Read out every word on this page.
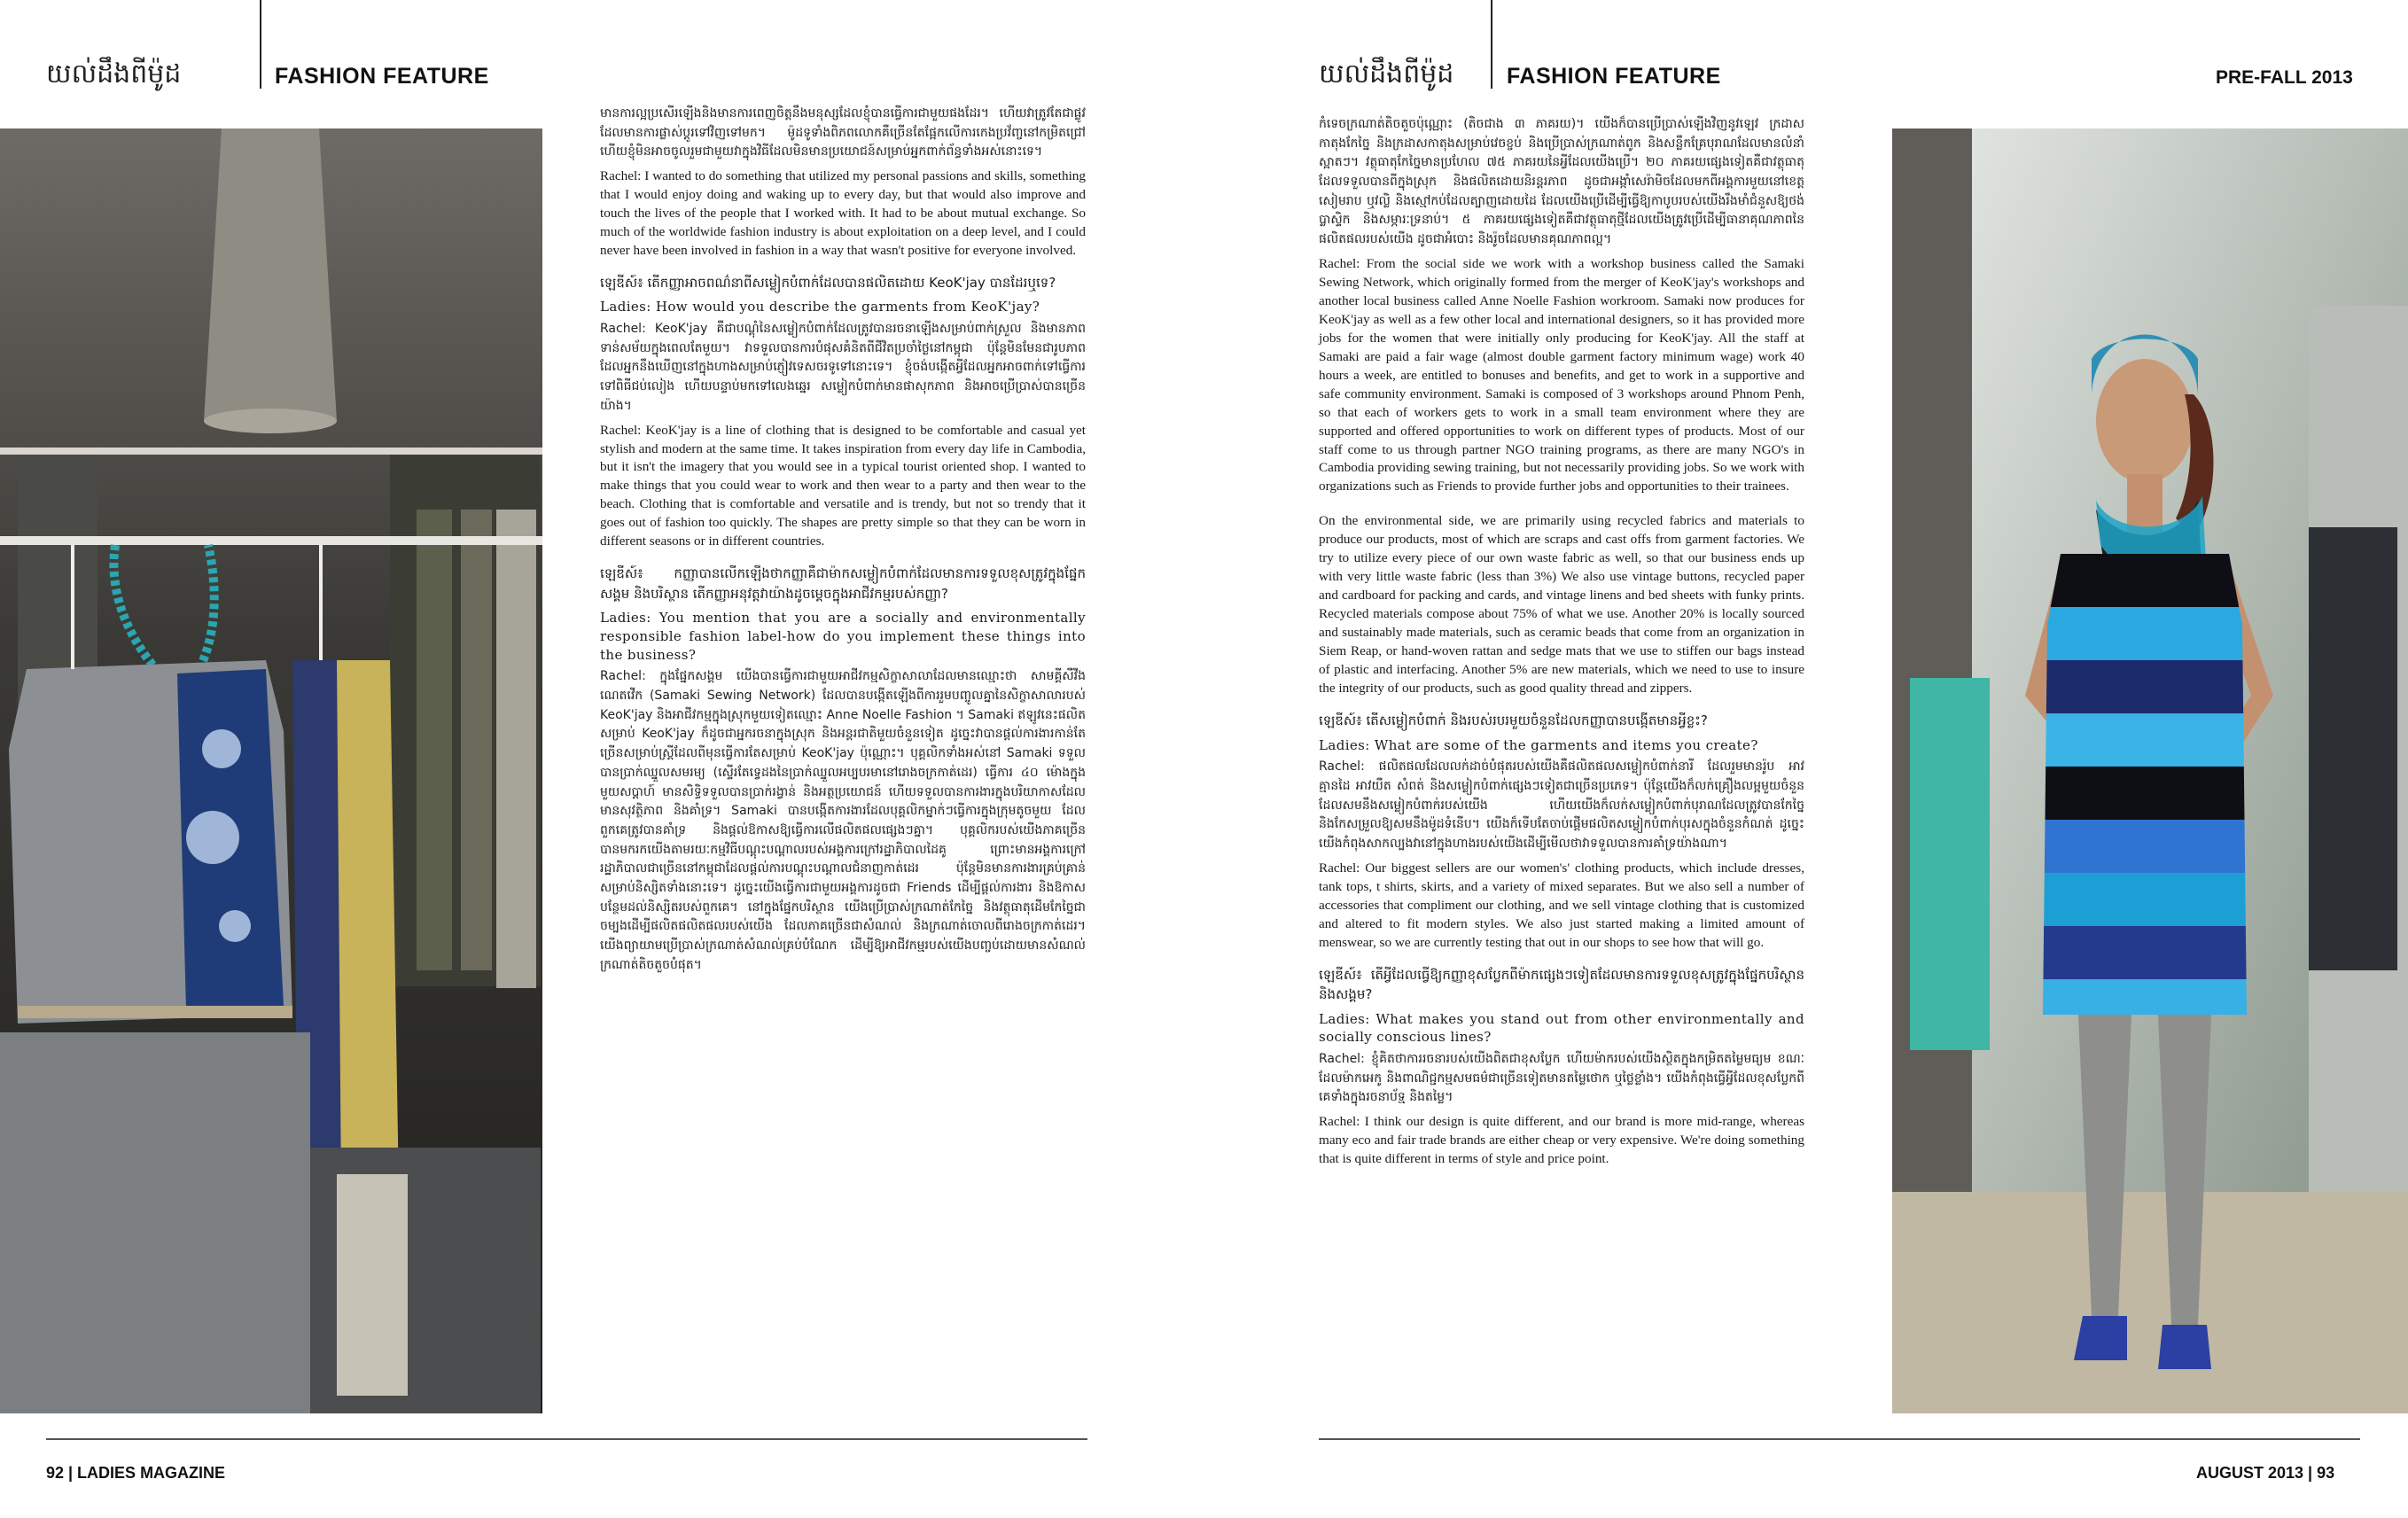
យល់ដឹងពីម៉ូដ	FASHION FEATURE

មានការល្អប្រសើរឡើងនិងមានការពេញចិត្តនឹងមនុស្សដែលខ្ញុំបានធ្វើការជាមួយផងដែរ។ ហើយវាត្រូវតែជាផ្លូវដែលមានការផ្លាស់ប្ដូរទៅវិញទៅមក។ ម៉ូដទូទាំងពិភពលោកគឺច្រើនតែផ្អែកលើការកេងប្រវ័ញ្ចនៅកម្រិតជ្រៅ ហើយខ្ញុំមិនអាចចូលរួមជាមួយវាក្នុងវិធីដែលមិនមានប្រយោជន៍សម្រាប់អ្នកពាក់ព័ន្ធទាំងអស់នោះទេ។

Rachel: I wanted to do something that utilized my personal passions and skills, something that I would enjoy doing and waking up to every day, but that would also improve and touch the lives of the people that I worked with. It had to be about mutual exchange. So much of the worldwide fashion industry is about exploitation on a deep level, and I could never have been involved in fashion in a way that wasn't positive for everyone involved.

ឡេឌីស៍៖ តើកញ្ញាអាចពណ៌នាពីសម្លៀកបំពាក់ដែលបានផលិតដោយ KeoK'jay បានដែរឬទេ?

Ladies: How would you describe the garments from KeoK'jay?

Rachel: KeoK'jay គឺជាបណ្ដុំនៃសម្លៀកបំពាក់ដែលត្រូវបានរចនាឡើងសម្រាប់ពាក់ស្រួល និងមានភាពទាន់សម័យក្នុងពេលតែមួយ។ វាទទួលបានការបំផុសគំនិតពីជីវិតប្រចាំថ្ងៃនៅកម្ពុជា ប៉ុន្តែមិនមែនជារូបភាពដែលអ្នកនឹងឃើញនៅក្នុងហាងសម្រាប់ភ្ញៀវទេសចរទូទៅនោះទេ។ ខ្ញុំចង់បង្កើតអ្វីដែលអ្នកអាចពាក់ទៅធ្វើការ ទៅពិធីជប់លៀង ហើយបន្ទាប់មកទៅលេងឆ្នេរ សម្លៀកបំពាក់មានផាសុកភាព និងអាចប្រើប្រាស់បានច្រើនយ៉ាង។

Rachel: KeoK'jay is a line of clothing that is designed to be comfortable and casual yet stylish and modern at the same time. It takes inspiration from every day life in Cambodia, but it isn't the imagery that you would see in a typical tourist oriented shop. I wanted to make things that you could wear to work and then wear to a party and then wear to the beach. Clothing that is comfortable and versatile and is trendy, but not so trendy that it goes out of fashion too quickly. The shapes are pretty simple so that they can be worn in different seasons or in different countries.

ឡេឌីស៍៖ កញ្ញាបានលើកឡើងថាកញ្ញាគឺជាម៉ាកសម្លៀកបំពាក់ដែលមានការទទួលខុសត្រូវក្នុងផ្នែកសង្គម និងបរិស្ថាន តើកញ្ញាអនុវត្តវាយ៉ាងដូចម្ដេចក្នុងអាជីវកម្មរបស់កញ្ញា?

Ladies: You mention that you are a socially and environmentally responsible fashion label-how do you implement these things into the business?

Rachel: ក្នុងផ្នែកសង្គម យើងបានធ្វើការជាមួយអាជីវកម្មសិក្ខាសាលាដែលមានឈ្មោះថា សាមគ្គីសឺវីង ណេតវើក (Samaki Sewing Network) ដែលបានបង្កើតឡើងពីការរួមបញ្ចូលគ្នានៃសិក្ខាសាលារបស់ KeoK'jay និងអាជីវកម្មក្នុងស្រុកមួយទៀតឈ្មោះ Anne Noelle Fashion ។ Samaki ឥឡូវនេះផលិតសម្រាប់ KeoK'jay ក៏ដូចជាអ្នករចនាក្នុងស្រុក និងអន្តរជាតិមួយចំនួនទៀត ដូច្នេះវាបានផ្ដល់ការងារកាន់តែច្រើនសម្រាប់ស្ត្រីដែលពីមុនធ្វើការតែសម្រាប់ KeoK'jay ប៉ុណ្ណោះ។ បុគ្គលិកទាំងអស់នៅ Samaki ទទួលបានប្រាក់ឈ្នួលសមរម្យ (ស្ទើរតែទ្វេដងនៃប្រាក់ឈ្នួលអប្បបរមានៅរោងចក្រកាត់ដេរ) ធ្វើការ ៤០ ម៉ោងក្នុងមួយសប្ដាហ៍ មានសិទ្ធិទទួលបានប្រាក់រង្វាន់ និងអត្ថប្រយោជន៍ ហើយទទួលបានការងារក្នុងបរិយាកាសដែលមានសុវត្ថិភាព និងគាំទ្រ។ Samaki បានបង្កើតការងារដែលបុគ្គលិកម្នាក់ៗធ្វើការក្នុងក្រុមតូចមួយ ដែលពួកគេត្រូវបានគាំទ្រ និងផ្ដល់ឱកាសឱ្យធ្វើការលើផលិតផលផ្សេងៗគ្នា។ បុគ្គលិករបស់យើងភាគច្រើនបានមករកយើងតាមរយៈកម្មវិធីបណ្ដុះបណ្ដាលរបស់អង្គការក្រៅរដ្ឋាភិបាលដៃគូ ព្រោះមានអង្គការក្រៅរដ្ឋាភិបាលជាច្រើននៅកម្ពុជាដែលផ្ដល់ការបណ្ដុះបណ្ដាលជំនាញកាត់ដេរ ប៉ុន្តែមិនមានការងារគ្រប់គ្រាន់សម្រាប់និស្សិតទាំងនោះទេ។ ដូច្នេះយើងធ្វើការជាមួយអង្គការដូចជា Friends ដើម្បីផ្ដល់ការងារ និងឱកាសបន្ថែមដល់និស្សិតរបស់ពួកគេ។ នៅក្នុងផ្នែកបរិស្ថាន យើងប្រើប្រាស់ក្រណាត់កែច្នៃ និងវត្ថុធាតុដើមកែច្នៃជាចម្បងដើម្បីផលិតផលិតផលរបស់យើង ដែលភាគច្រើនជាសំណល់ និងក្រណាត់ចោលពីរោងចក្រកាត់ដេរ។ យើងព្យាយាមប្រើប្រាស់ក្រណាត់សំណល់គ្រប់បំណែក ដើម្បីឱ្យអាជីវកម្មរបស់យើងបញ្ចប់ដោយមានសំណល់ក្រណាត់តិចតួចបំផុត។

92 | LADIES MAGAZINE
យល់ដឹងពីម៉ូដ FASHION FEATURE	PRE-FALL 2013

កំទេចក្រណាត់តិចតួចប៉ុណ្ណោះ (តិចជាង ៣ ភាគរយ)។ យើងក៏បានប្រើប្រាស់ឡើងវិញនូវឡេវ ក្រដាសកាតុងកែច្នៃ និងក្រដាសកាតុងសម្រាប់វេចខ្ចប់ និងប្រើប្រាស់ក្រណាត់ពូក និងសន្លឹកគ្រែបុរាណដែលមានលំនាំស្អាតៗ។ វត្ថុធាតុកែច្នៃមានប្រហែល ៧៥ ភាគរយនៃអ្វីដែលយើងប្រើ។ ២០ ភាគរយផ្សេងទៀតគឺជាវត្ថុធាតុដែលទទួលបានពីក្នុងស្រុក និងផលិតដោយនិរន្តរភាព ដូចជាអង្កាំសេរ៉ាមិចដែលមកពីអង្គការមួយនៅខេត្តសៀមរាប ឬវល្លិ និងស្មៅកប់ដែលត្បាញដោយដៃ ដែលយើងប្រើដើម្បីធ្វើឱ្យកាបូបរបស់យើងរឹងមាំជំនួសឱ្យថង់ប្លាស្ទិក និងសម្ភារៈទ្រនាប់។ ៥ ភាគរយផ្សេងទៀតគឺជាវត្ថុធាតុថ្មីដែលយើងត្រូវប្រើដើម្បីធានាគុណភាពនៃផលិតផលរបស់យើង ដូចជាអំបោះ និងរ៉ូចដែលមានគុណភាពល្អ។

Rachel: From the social side we work with a workshop business called the Samaki Sewing Network, which originally formed from the merger of KeoK'jay's workshops and another local business called Anne Noelle Fashion workroom. Samaki now produces for KeoK'jay as well as a few other local and international designers, so it has provided more jobs for the women that were initially only producing for KeoK'jay. All the staff at Samaki are paid a fair wage (almost double garment factory minimum wage) work 40 hours a week, are entitled to bonuses and benefits, and get to work in a supportive and safe community environment. Samaki is composed of 3 workshops around Phnom Penh, so that each of workers gets to work in a small team environment where they are supported and offered opportunities to work on different types of products. Most of our staff come to us through partner NGO training programs, as there are many NGO's in Cambodia providing sewing training, but not necessarily providing jobs. So we work with organizations such as Friends to provide further jobs and opportunities to their trainees.

On the environmental side, we are primarily using recycled fabrics and materials to produce our products, most of which are scraps and cast offs from garment factories. We try to utilize every piece of our own waste fabric as well, so that our business ends up with very little waste fabric (less than 3%) We also use vintage buttons, recycled paper and cardboard for packing and cards, and vintage linens and bed sheets with funky prints. Recycled materials compose about 75% of what we use. Another 20% is locally sourced and sustainably made materials, such as ceramic beads that come from an organization in Siem Reap, or hand-woven rattan and sedge mats that we use to stiffen our bags instead of plastic and interfacing. Another 5% are new materials, which we need to use to insure the integrity of our products, such as good quality thread and zippers.

ឡេឌីស៍៖ តើសម្លៀកបំពាក់ និងរបស់របរមួយចំនួនដែលកញ្ញាបានបង្កើតមានអ្វីខ្លះ?

Ladies: What are some of the garments and items you create?

Rachel: ផលិតផលដែលលក់ដាច់បំផុតរបស់យើងគឺផលិតផលសម្លៀកបំពាក់នារី ដែលរួមមានរ៉ូប អាវគ្មានដៃ អាវយឺត សំពត់ និងសម្លៀកបំពាក់ផ្សេងៗទៀតជាច្រើនប្រភេទ។ ប៉ុន្តែយើងក៏លក់គ្រឿងលម្អមួយចំនួនដែលសមនឹងសម្លៀកបំពាក់របស់យើង ហើយយើងក៏លក់សម្លៀកបំពាក់បុរាណដែលត្រូវបានកែច្នៃ និងកែសម្រួលឱ្យសមនឹងម៉ូដទំនើប។ យើងក៏ទើបតែចាប់ផ្ដើមផលិតសម្លៀកបំពាក់បុរសក្នុងចំនួនកំណត់ ដូច្នេះយើងកំពុងសាកល្បងវានៅក្នុងហាងរបស់យើងដើម្បីមើលថាវាទទួលបានការគាំទ្រយ៉ាងណា។

Rachel: Our biggest sellers are our women's' clothing products, which include dresses, tank tops, t shirts, skirts, and a variety of mixed separates. But we also sell a number of accessories that compliment our clothing, and we sell vintage clothing that is customized and altered to fit modern styles. We also just started making a limited amount of menswear, so we are currently testing that out in our shops to see how that will go.

ឡេឌីស៍៖ តើអ្វីដែលធ្វើឱ្យកញ្ញាខុសប្លែកពីម៉ាកផ្សេងៗទៀតដែលមានការទទួលខុសត្រូវក្នុងផ្នែកបរិស្ថាន និងសង្គម?

Ladies: What makes you stand out from other environmentally and socially conscious lines?

Rachel: ខ្ញុំគិតថាការរចនារបស់យើងពិតជាខុសប្លែក ហើយម៉ាករបស់យើងស្ថិតក្នុងកម្រិតតម្លៃមធ្យម ខណៈដែលម៉ាកអេកូ និងពាណិជ្ជកម្មសមធម៌ជាច្រើនទៀតមានតម្លៃថោក ឬថ្លៃខ្លាំង។ យើងកំពុងធ្វើអ្វីដែលខុសប្លែកពីគេទាំងក្នុងរចនាប័ទ្ម និងតម្លៃ។

Rachel: I think our design is quite different, and our brand is more mid-range, whereas many eco and fair trade brands are either cheap or very expensive. We're doing something that is quite different in terms of style and price point.

AUGUST 2013 | 93
